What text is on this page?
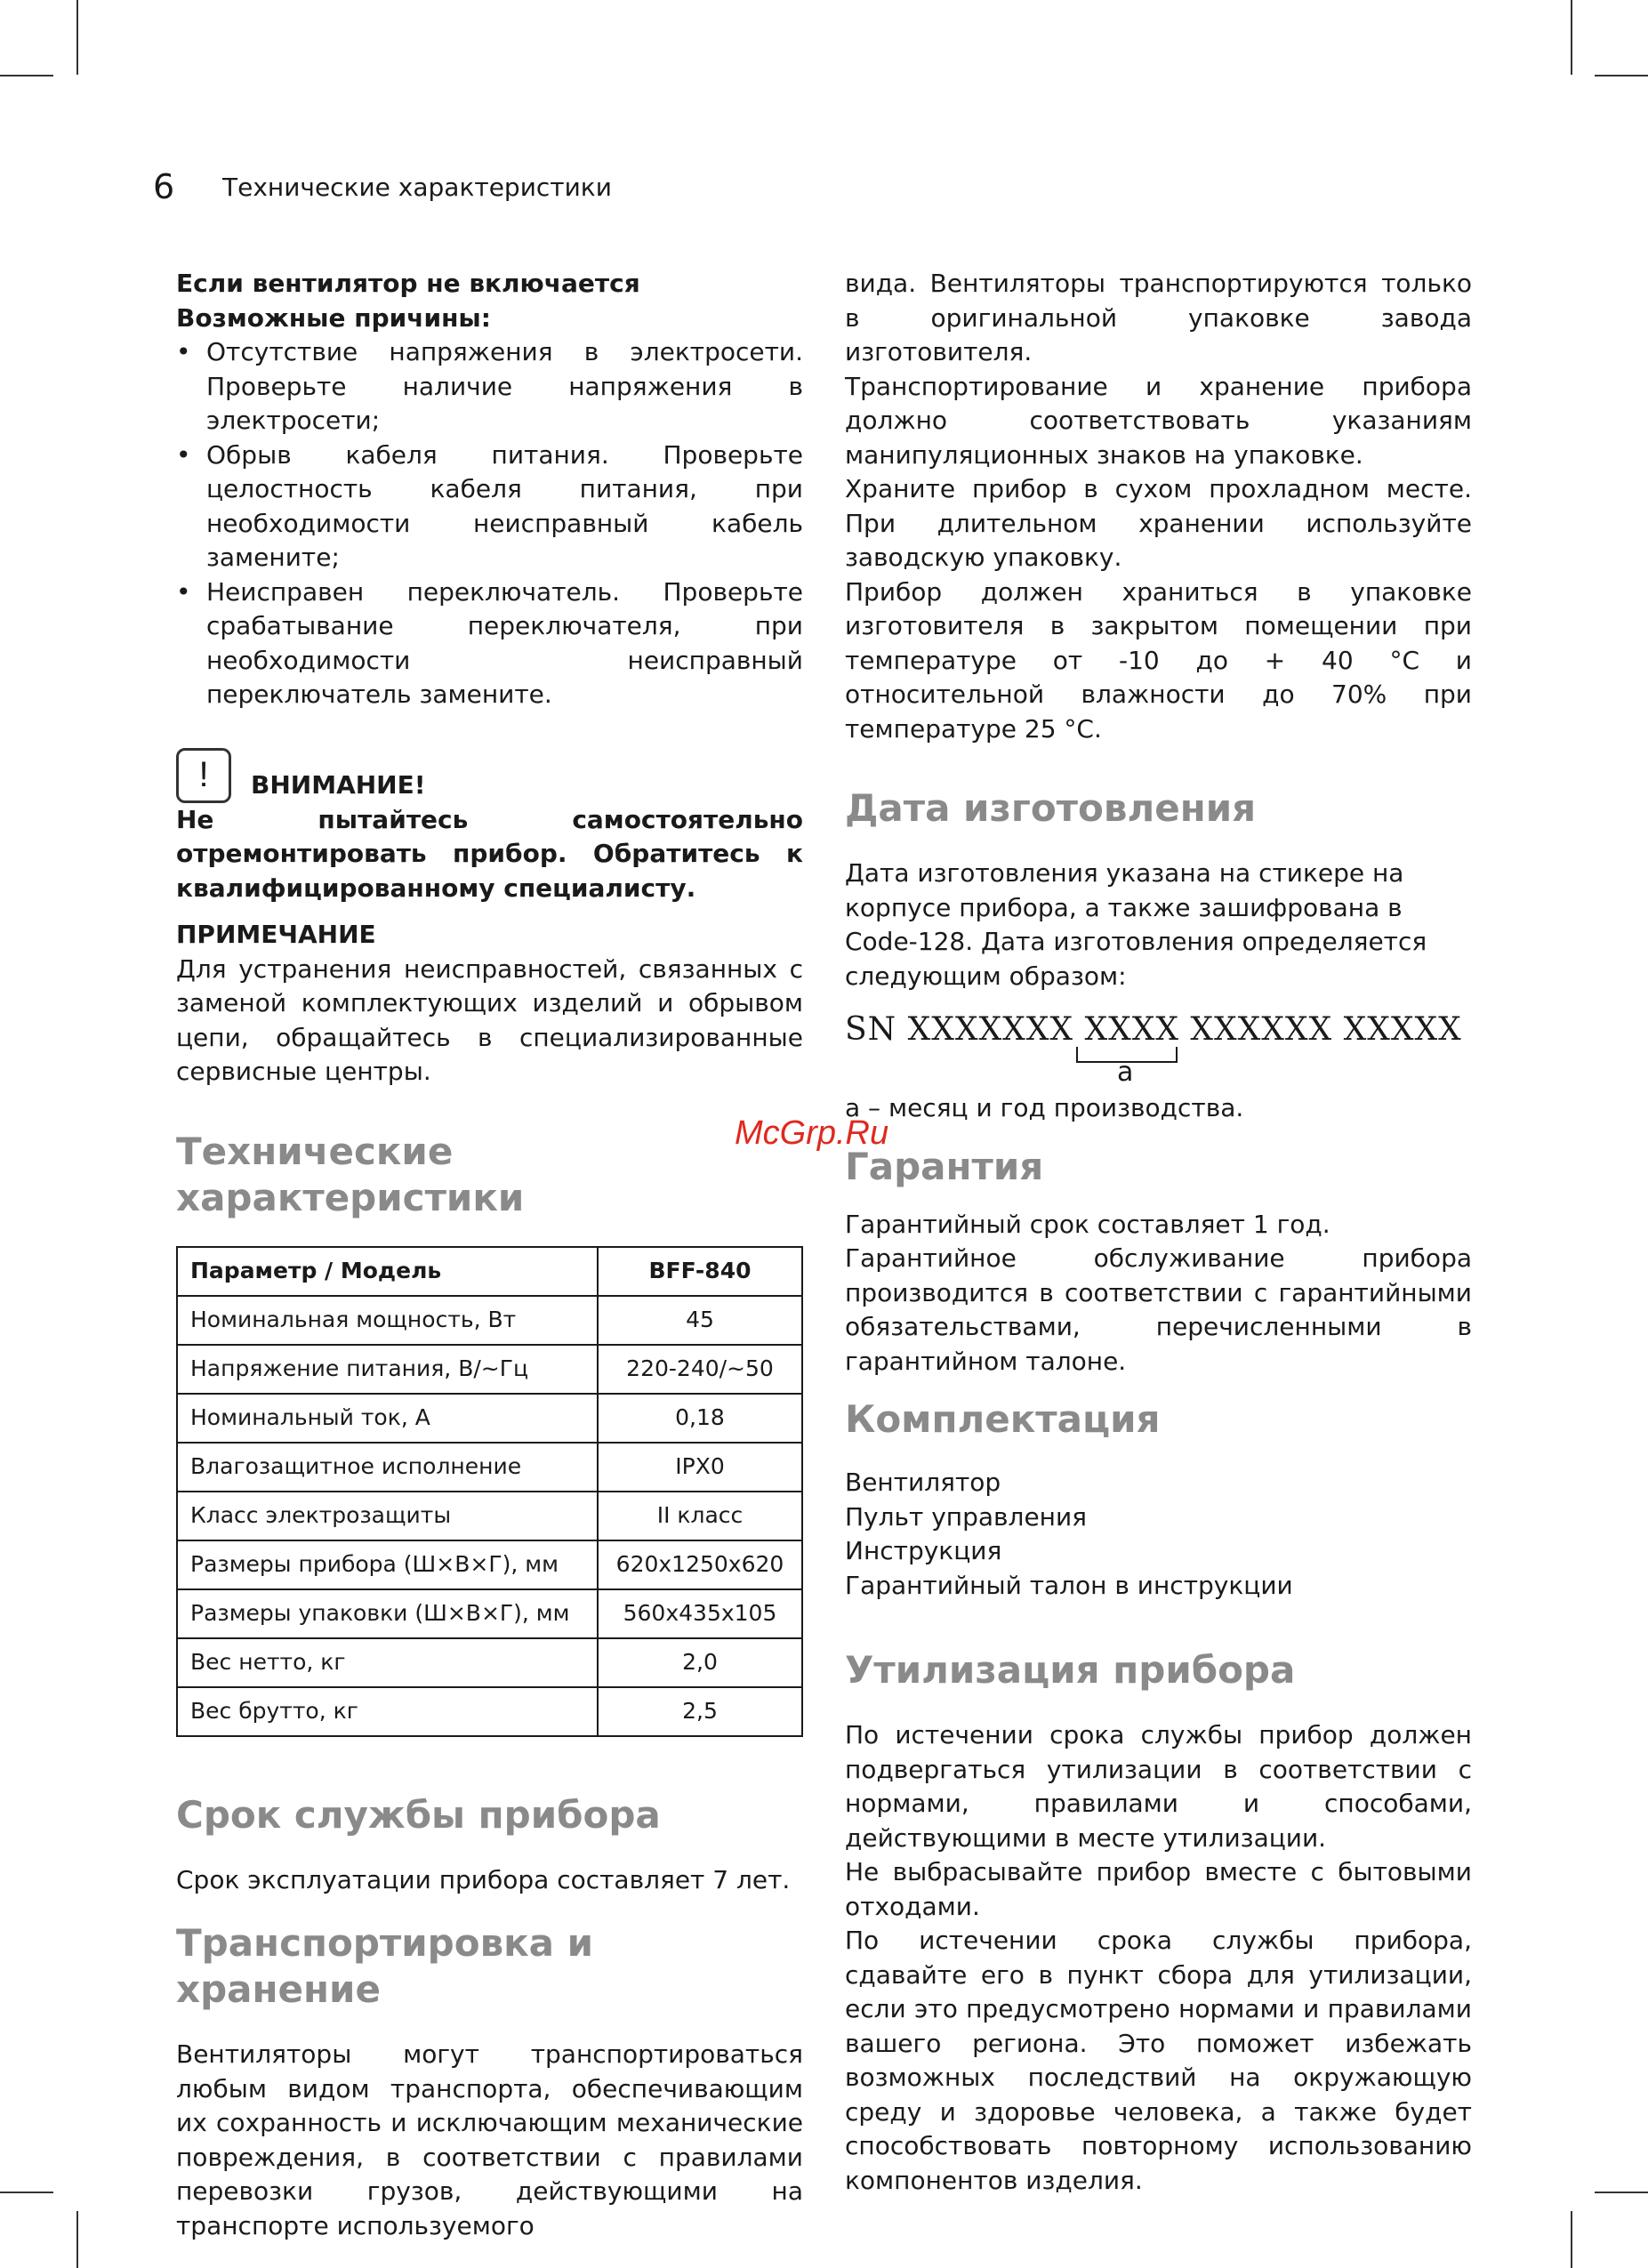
6 Технические характеристики
McGrp.Ru

Если вентилятор не включается

Возможные причины:

• Отсутствие напряжения в электросети. Проверьте наличие напряжения в электросети;
• Обрыв кабеля питания. Проверьте целостность кабеля питания, при необходимости неисправный кабель замените;
• Неисправен переключатель. Проверьте срабатывание переключателя, при необходимости неисправный переключатель замените.
!	ВНИМАНИЕ!

Не пытайтесь самостоятельно отремонтировать прибор. Обратитесь к квалифицированному специалисту.

ПРИМЕЧАНИЕ

Для устранения неисправностей, связанных с заменой комплектующих изделий и обрывом цепи, обращайтесь в специализированные сервисные центры.

Технические характеристики
Параметр / Модель	BFF-840
Номинальная мощность, Вт	45
Напряжение питания, В/~Гц	220-240/~50
Номинальный ток, А	0,18
Влагозащитное исполнение	IPX0
Класс электрозащиты	II класс
Размеры прибора (Ш×В×Г), мм	620х1250х620
Размеры упаковки (Ш×В×Г), мм	560х435х105
Вес нетто, кг	2,0
Вес брутто, кг	2,5
Срок службы прибора

Срок эксплуатации прибора составляет 7 лет.

Транспортировка и хранение

Вентиляторы могут транспортироваться любым видом транспорта, обеспечивающим их сохранность и исключающим механические повреждения, в соответствии с правилами перевозки грузов, действующими на транспорте используемого

вида. Вентиляторы транспортируются только в оригинальной упаковке завода изготовителя.

Транспортирование и хранение прибора должно соответствовать указаниям манипуляционных знаков на упаковке.

Храните прибор в сухом прохладном месте. При длительном хранении используйте заводскую упаковку.

Прибор должен храниться в упаковке изготовителя в закрытом помещении при температуре от -10 до + 40 °С и относительной влажности до 70% при температуре 25 °С.

Дата изготовления

Дата изготовления указана на стикере на корпусе прибора, а также зашифрована в Code-128. Дата изготовления определяется следующим образом:

SN XXXXXXX XXXX XXXXXX XXXXX
a

a – месяц и год производства.

Гарантия

Гарантийный срок составляет 1 год.

Гарантийное обслуживание прибора производится в соответствии с гарантийными обязательствами, перечисленными в гарантийном талоне.

Комплектация

Вентилятор

Пульт управления

Инструкция

Гарантийный талон в инструкции

Утилизация прибора

По истечении срока службы прибор должен подвергаться утилизации в соответствии с нормами, правилами и способами, действующими в месте утилизации.

Не выбрасывайте прибор вместе с бытовыми отходами.

По истечении срока службы прибора, сдавайте его в пункт сбора для утилизации, если это предусмотрено нормами и правилами вашего региона. Это поможет избежать возможных последствий на окружающую среду и здоровье человека, а также будет способствовать повторному использованию компонентов изделия.
